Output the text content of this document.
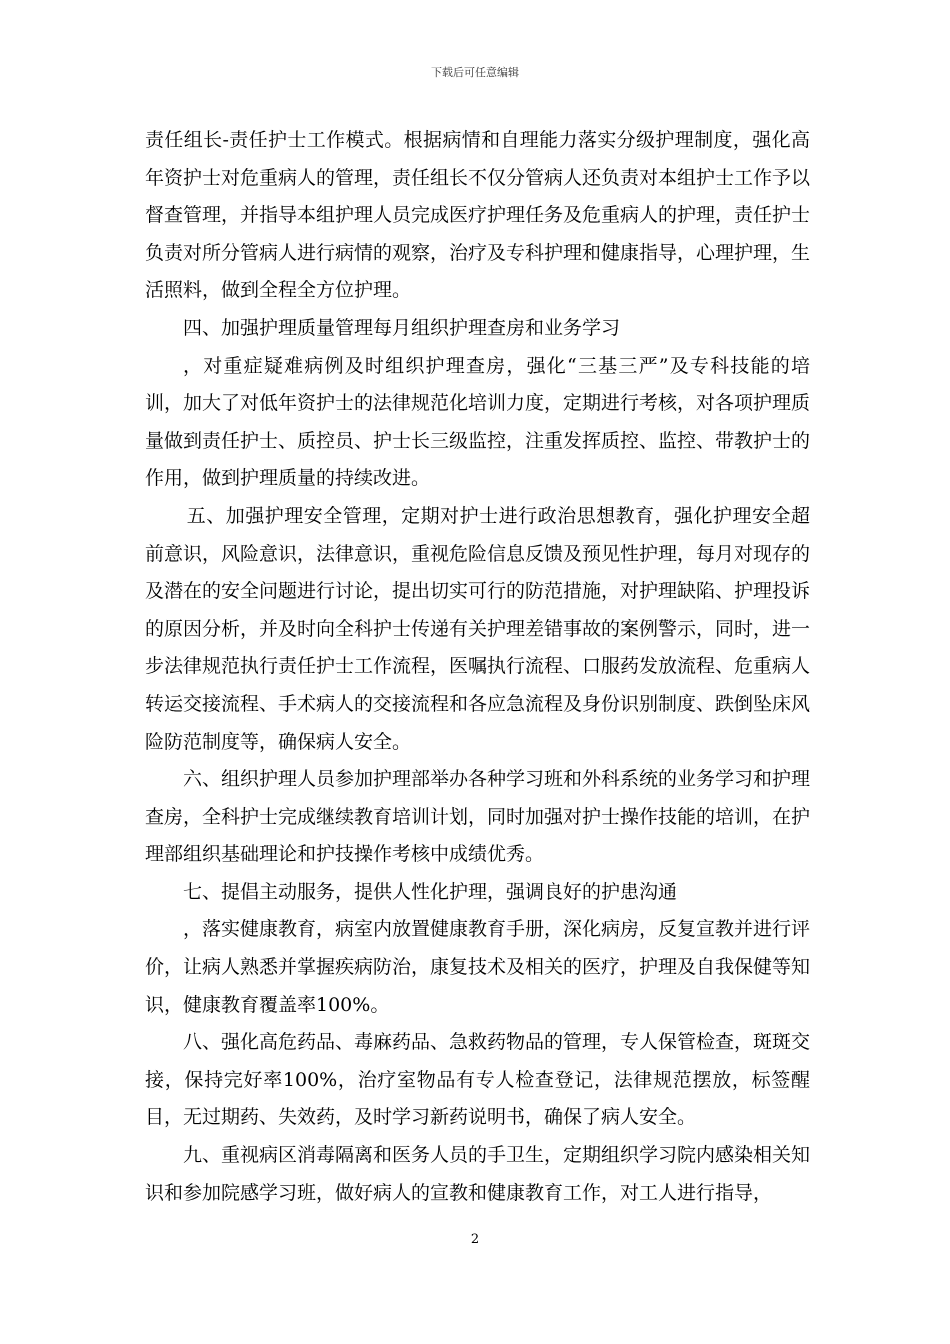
下载后可任意编辑

责任组长-责任护士工作模式。根据病情和自理能力落实分级护理制度，强化高年资护士对危重病人的管理，责任组长不仅分管病人还负责对本组护士工作予以督查管理，并指导本组护理人员完成医疗护理任务及危重病人的护理，责任护士负责对所分管病人进行病情的观察，治疗及专科护理和健康指导，心理护理，生活照料，做到全程全方位护理。

四、加强护理质量管理每月组织护理查房和业务学习

，对重症疑难病例及时组织护理查房，强化“三基三严”及专科技能的培训，加大了对低年资护士的法律规范化培训力度，定期进行考核，对各项护理质量做到责任护士、质控员、护士长三级监控，注重发挥质控、监控、带教护士的作用，做到护理质量的持续改进。

五、加强护理安全管理，定期对护士进行政治思想教育，强化护理安全超前意识，风险意识，法律意识，重视危险信息反馈及预见性护理，每月对现存的及潜在的安全问题进行讨论，提出切实可行的防范措施，对护理缺陷、护理投诉的原因分析，并及时向全科护士传递有关护理差错事故的案例警示，同时，进一步法律规范执行责任护士工作流程，医嘱执行流程、口服药发放流程、危重病人转运交接流程、手术病人的交接流程和各应急流程及身份识别制度、跌倒坠床风险防范制度等，确保病人安全。

六、组织护理人员参加护理部举办各种学习班和外科系统的业务学习和护理查房，全科护士完成继续教育培训计划，同时加强对护士操作技能的培训，在护理部组织基础理论和护技操作考核中成绩优秀。

七、提倡主动服务，提供人性化护理，强调良好的护患沟通

，落实健康教育，病室内放置健康教育手册，深化病房，反复宣教并进行评价，让病人熟悉并掌握疾病防治，康复技术及相关的医疗，护理及自我保健等知识，健康教育覆盖率100%。

八、强化高危药品、毒麻药品、急救药物品的管理，专人保管检查，斑斑交接，保持完好率100%，治疗室物品有专人检查登记，法律规范摆放，标签醒目，无过期药、失效药，及时学习新药说明书，确保了病人安全。

九、重视病区消毒隔离和医务人员的手卫生，定期组织学习院内感染相关知识和参加院感学习班，做好病人的宣教和健康教育工作，对工人进行指导，

2
